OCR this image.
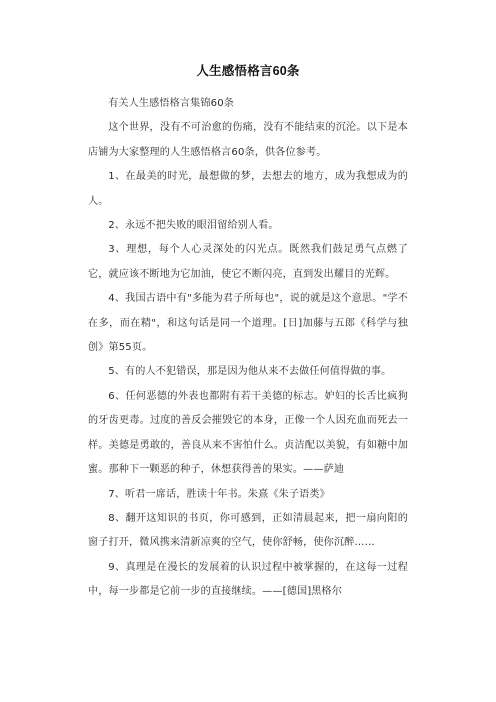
人生感悟格言60条

有关人生感悟格言集锦60条

这个世界，没有不可治愈的伤痛，没有不能结束的沉沦。以下是本店铺为大家整理的人生感悟格言60条，供各位参考。

1、在最美的时光，最想做的梦，去想去的地方，成为我想成为的人。

2、永远不把失败的眼泪留给别人看。

3、理想，每个人心灵深处的闪光点。既然我们鼓足勇气点燃了它，就应该不断地为它加油，使它不断闪亮，直到发出耀目的光辉。

4、我国古语中有"多能为君子所每也"，说的就是这个意思。"学不在多，而在精"，和这句话是同一个道理。[日]加藤与五郎《科学与独创》第55页。

5、有的人不犯错误，那是因为他从来不去做任何值得做的事。

6、任何恶德的外表也都附有若干美德的标志。妒妇的长舌比疯狗的牙齿更毒。过度的善反会摧毁它的本身，正像一个人因充血而死去一样。美德是勇敢的，善良从来不害怕什么。贞洁配以美貌，有如糖中加蜜。那种下一颗恶的种子，休想获得善的果实。——萨迪

7、听君一席话，胜读十年书。朱熹《朱子语类》

8、翻开这知识的书页，你可感到，正如清晨起来，把一扇向阳的窗子打开，微风携来清新凉爽的空气，使你舒畅，使你沉醉……

9、真理是在漫长的发展着的认识过程中被掌握的，在这每一过程中，每一步都是它前一步的直接继续。——[德国]黑格尔
